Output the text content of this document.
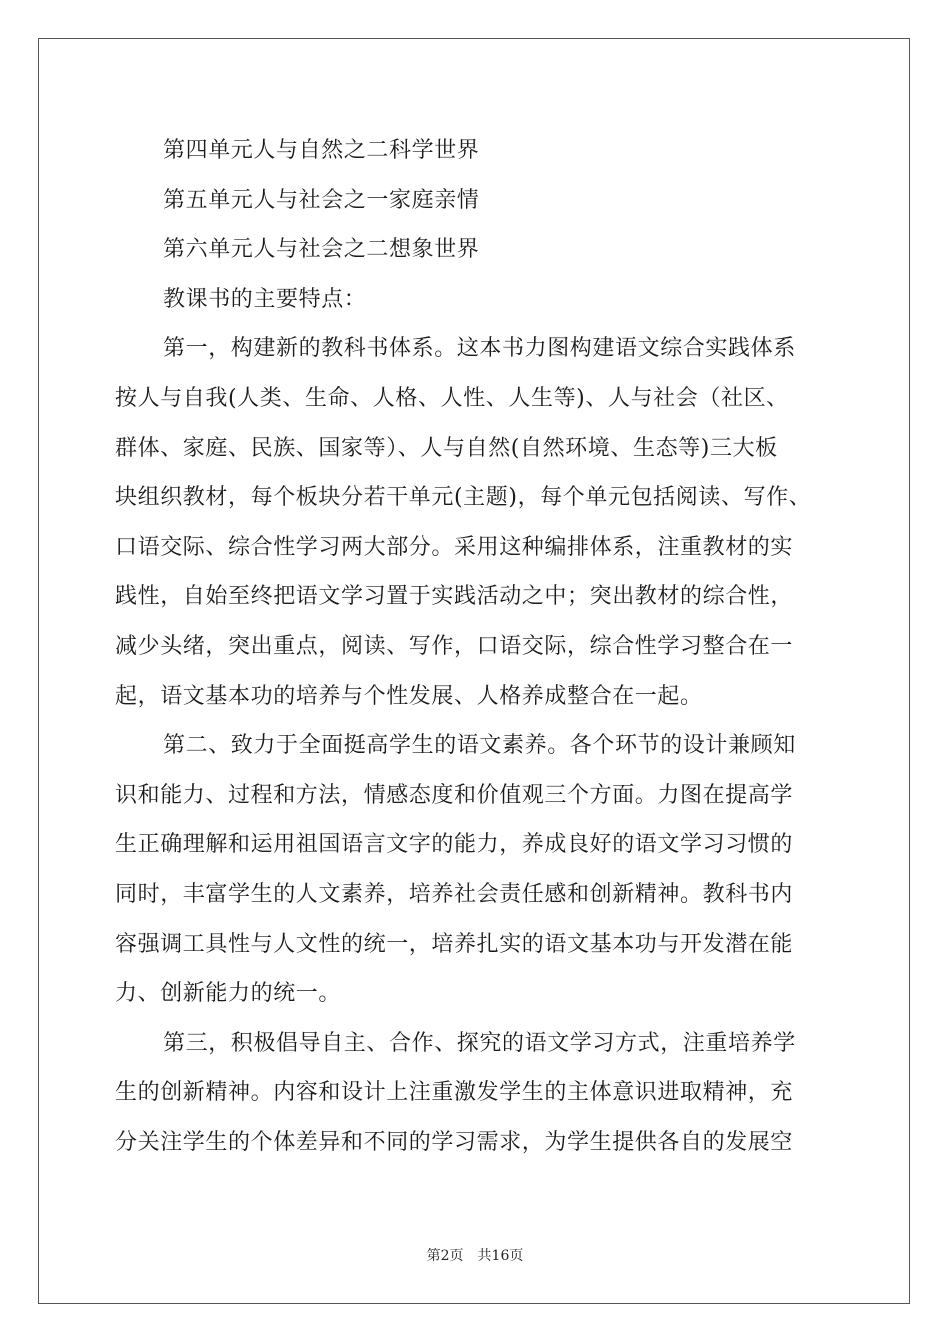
第四单元人与自然之二科学世界
第五单元人与社会之一家庭亲情
第六单元人与社会之二想象世界
教课书的主要特点：
第一，构建新的教科书体系。这本书力图构建语文综合实践体系
按人与自我(人类、生命、人格、人性、人生等)、人与社会（社区、
群体、家庭、民族、国家等）、人与自然(自然环境、生态等)三大板
块组织教材，每个板块分若干单元(主题)，每个单元包括阅读、写作、
口语交际、综合性学习两大部分。采用这种编排体系，注重教材的实
践性，自始至终把语文学习置于实践活动之中；突出教材的综合性，
减少头绪，突出重点，阅读、写作，口语交际，综合性学习整合在一
起，语文基本功的培养与个性发展、人格养成整合在一起。
第二、致力于全面挺高学生的语文素养。各个环节的设计兼顾知
识和能力、过程和方法，情感态度和价值观三个方面。力图在提高学
生正确理解和运用祖国语言文字的能力，养成良好的语文学习习惯的
同时，丰富学生的人文素养，培养社会责任感和创新精神。教科书内
容强调工具性与人文性的统一，培养扎实的语文基本功与开发潜在能
力、创新能力的统一。
第三，积极倡导自主、合作、探究的语文学习方式，注重培养学
生的创新精神。内容和设计上注重激发学生的主体意识进取精神，充
分关注学生的个体差异和不同的学习需求，为学生提供各自的发展空
第2页 共16页
